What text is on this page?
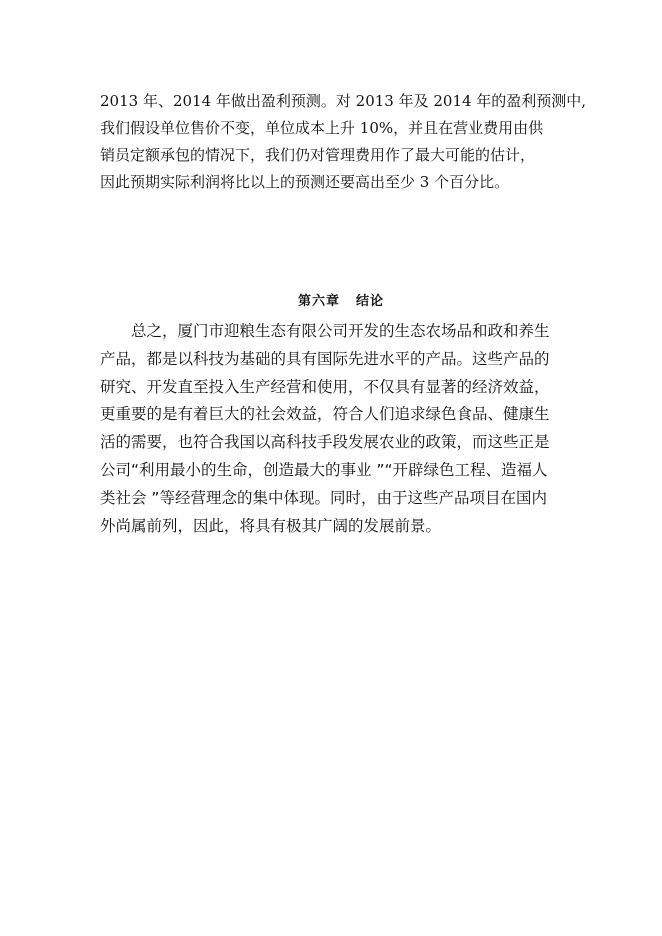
2013 年、2014 年做出盈利预测。对 2013 年及 2014 年的盈利预测中,
我们假设单位售价不变，单位成本上升 10%，并且在营业费用由供
销员定额承包的情况下，我们仍对管理费用作了最大可能的估计，
因此预期实际利润将比以上的预测还要高出至少 3 个百分比。
第六章 结论
总之，厦门市迎粮生态有限公司开发的生态农场品和政和养生
产品，都是以科技为基础的具有国际先进水平的产品。这些产品的
研究、开发直至投入生产经营和使用，不仅具有显著的经济效益，
更重要的是有着巨大的社会效益，符合人们追求绿色食品、健康生
活的需要，也符合我国以高科技手段发展农业的政策，而这些正是
公司“利用最小的生命，创造最大的事业 ”“开辟绿色工程、造福人
类社会 ”等经营理念的集中体现。同时，由于这些产品项目在国内
外尚属前列，因此，将具有极其广阔的发展前景。
